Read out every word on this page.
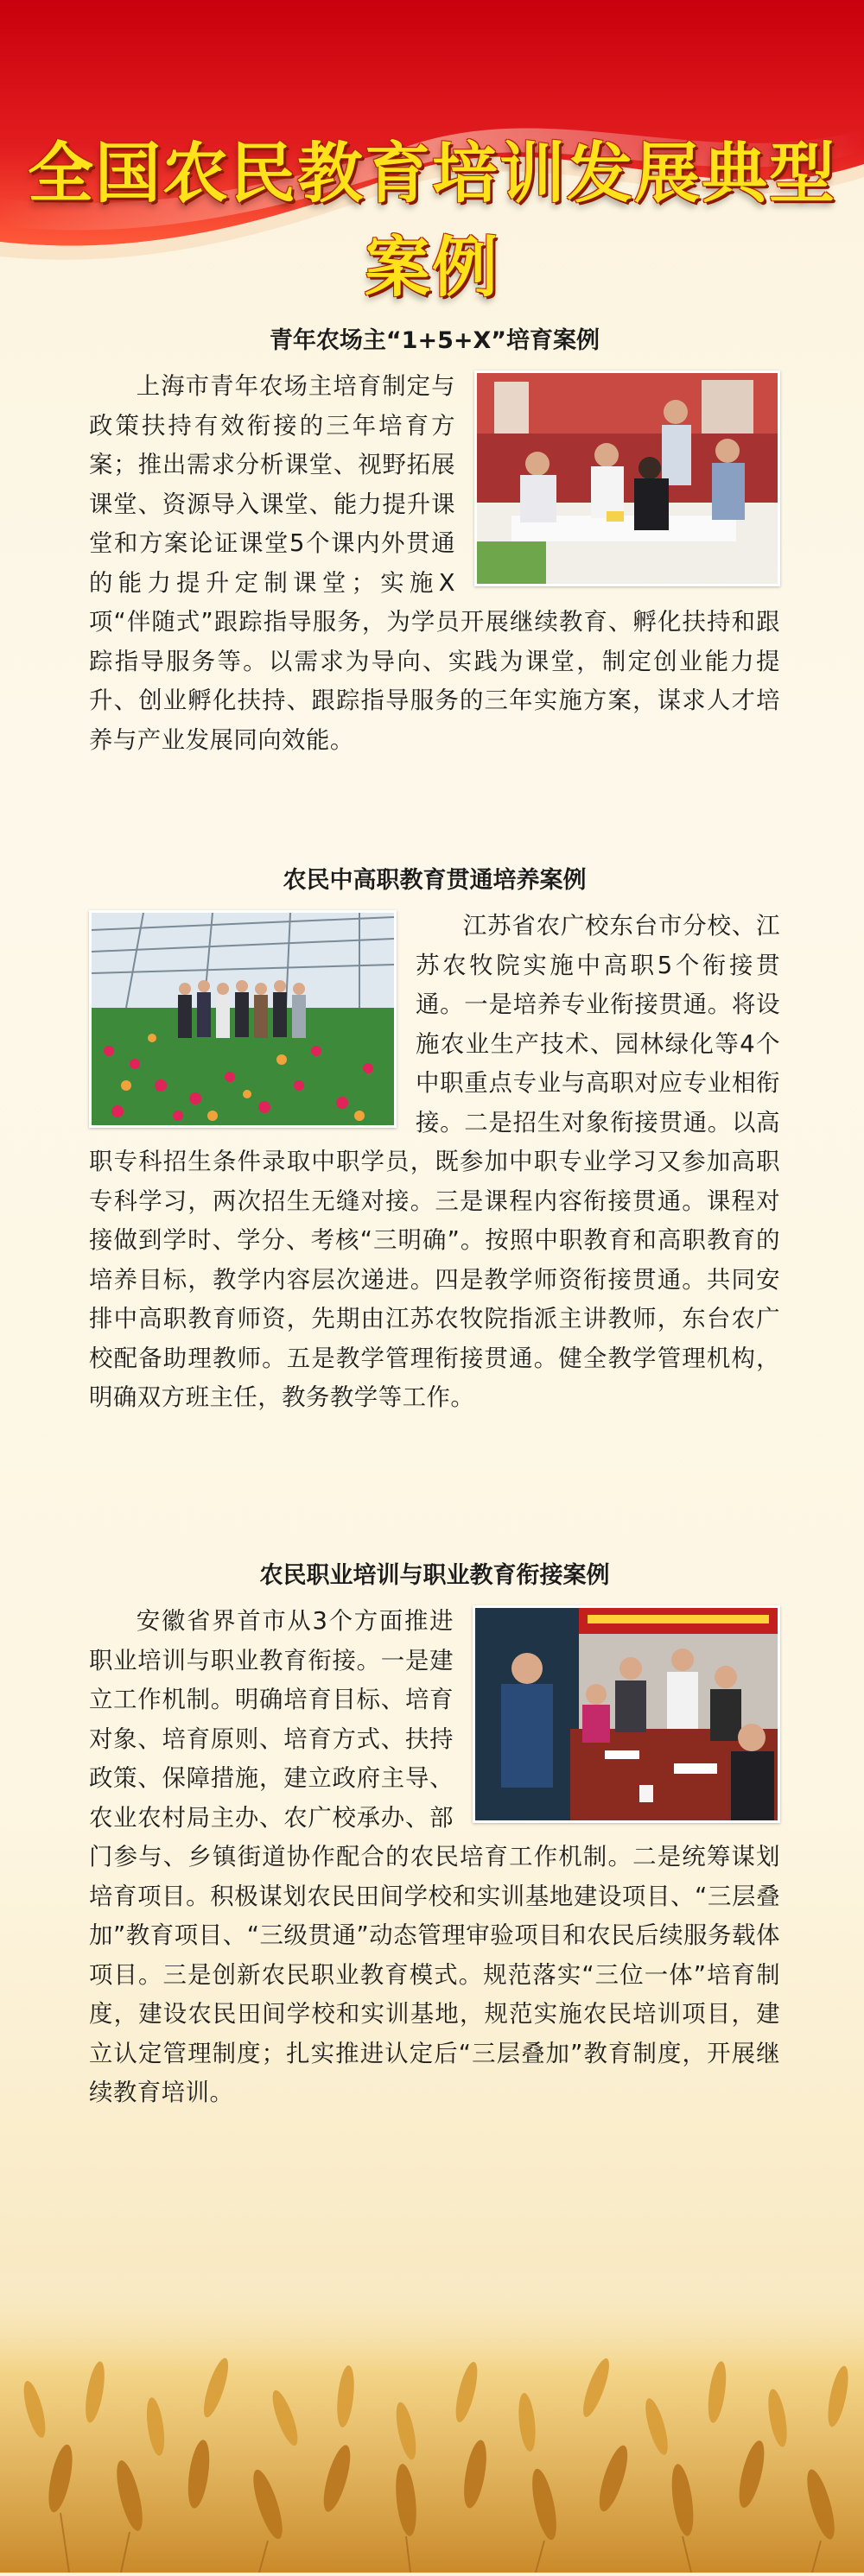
全国农民教育培训发展典型案例
青年农场主“1+5+X”培育案例

上海市青年农场主培育制定与政策扶持有效衔接的三年培育方案；推出需求分析课堂、视野拓展课堂、资源导入课堂、能力提升课堂和方案论证课堂5个课内外贯通的能力提升定制课堂；实施X项“伴随式”跟踪指导服务，为学员开展继续教育、孵化扶持和跟踪指导服务等。以需求为导向、实践为课堂，制定创业能力提升、创业孵化扶持、跟踪指导服务的三年实施方案，谋求人才培养与产业发展同向效能。

农民中高职教育贯通培养案例

江苏省农广校东台市分校、江苏农牧院实施中高职5个衔接贯通。一是培养专业衔接贯通。将设施农业生产技术、园林绿化等4个中职重点专业与高职对应专业相衔接。二是招生对象衔接贯通。以高职专科招生条件录取中职学员，既参加中职专业学习又参加高职专科学习，两次招生无缝对接。三是课程内容衔接贯通。课程对接做到学时、学分、考核“三明确”。按照中职教育和高职教育的培养目标，教学内容层次递进。四是教学师资衔接贯通。共同安排中高职教育师资，先期由江苏农牧院指派主讲教师，东台农广校配备助理教师。五是教学管理衔接贯通。健全教学管理机构，明确双方班主任，教务教学等工作。

农民职业培训与职业教育衔接案例

安徽省界首市从3个方面推进职业培训与职业教育衔接。一是建立工作机制。明确培育目标、培育对象、培育原则、培育方式、扶持政策、保障措施，建立政府主导、农业农村局主办、农广校承办、部门参与、乡镇街道协作配合的农民培育工作机制。二是统筹谋划培育项目。积极谋划农民田间学校和实训基地建设项目、“三层叠加”教育项目、“三级贯通”动态管理审验项目和农民后续服务载体项目。三是创新农民职业教育模式。规范落实“三位一体”培育制度，建设农民田间学校和实训基地，规范实施农民培训项目，建立认定管理制度；扎实推进认定后“三层叠加”教育制度，开展继续教育培训。
